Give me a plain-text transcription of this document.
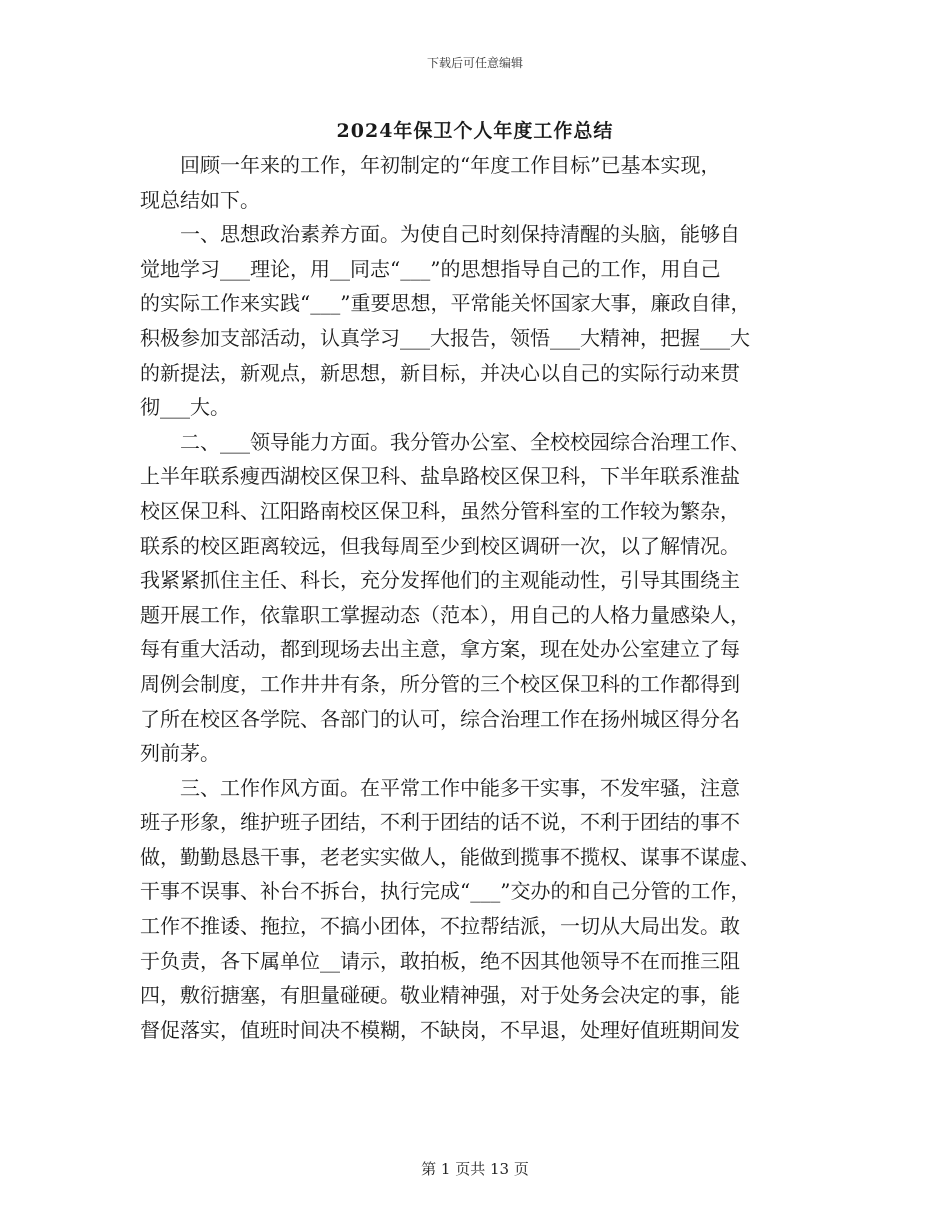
下载后可任意编辑
2024年保卫个人年度工作总结
　　回顾一年来的工作，年初制定的“年度工作目标”已基本实现，
现总结如下。
　　一、思想政治素养方面。为使自己时刻保持清醒的头脑，能够自
觉地学习___理论，用__同志“___”的思想指导自己的工作，用自己
的实际工作来实践“___”重要思想，平常能关怀国家大事，廉政自律，
积极参加支部活动，认真学习___大报告，领悟___大精神，把握___大
的新提法，新观点，新思想，新目标，并决心以自己的实际行动来贯
彻___大。
　　二、___领导能力方面。我分管办公室、全校校园综合治理工作、
上半年联系瘦西湖校区保卫科、盐阜路校区保卫科，下半年联系淮盐
校区保卫科、江阳路南校区保卫科，虽然分管科室的工作较为繁杂，
联系的校区距离较远，但我每周至少到校区调研一次，以了解情况。
我紧紧抓住主任、科长，充分发挥他们的主观能动性，引导其围绕主
题开展工作，依靠职工掌握动态（范本），用自己的人格力量感染人，
每有重大活动，都到现场去出主意，拿方案，现在处办公室建立了每
周例会制度，工作井井有条，所分管的三个校区保卫科的工作都得到
了所在校区各学院、各部门的认可，综合治理工作在扬州城区得分名
列前茅。
　　三、工作作风方面。在平常工作中能多干实事，不发牢骚，注意
班子形象，维护班子团结，不利于团结的话不说，不利于团结的事不
做，勤勤恳恳干事，老老实实做人，能做到揽事不揽权、谋事不谋虚、
干事不误事、补台不拆台，执行完成“___”交办的和自己分管的工作，
工作不推诿、拖拉，不搞小团体，不拉帮结派，一切从大局出发。敢
于负责，各下属单位__请示，敢拍板，绝不因其他领导不在而推三阻
四，敷衍搪塞，有胆量碰硬。敬业精神强，对于处务会决定的事，能
督促落实，值班时间决不模糊，不缺岗，不早退，处理好值班期间发
第 1 页共 13 页
